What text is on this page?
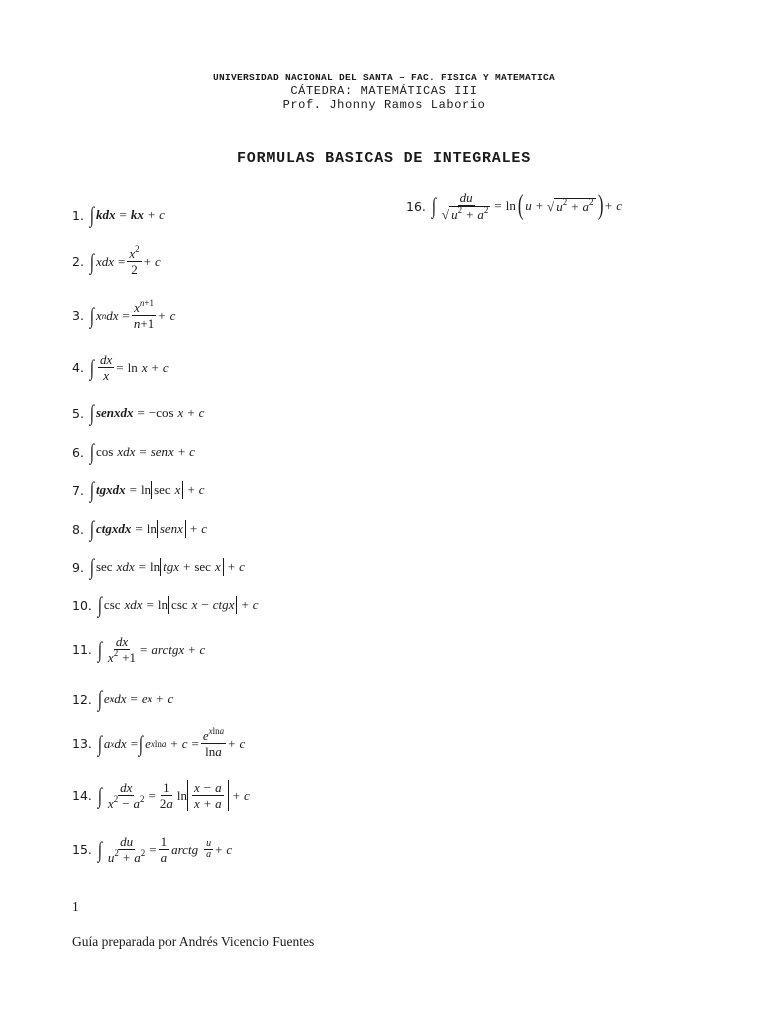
UNIVERSIDAD NACIONAL DEL SANTA – FAC. FISICA Y MATEMATICA
CÁTEDRA: MATEMÁTICAS III
Prof. Jhonny Ramos Laborio
FORMULAS BASICAS DE INTEGRALES
1. ∫ kdx = kx + c
2. ∫ xdx = $\frac{x^2}{2} + c$
3. ∫ x n dx = $\frac{x^{n+1}}{n+1} + c$
4. ∫ $\frac{dx}{x} = \ln x + c$
5. ∫ senxdx = −cos x + c
6. ∫ cos xdx = senx + c
7. ∫ tgxdx = ln sec x + c
8. ∫ ctgxdx = ln senx + c
9. ∫ sec xdx = ln tgx + sec x + c
10. ∫ csc xdx = ln csc x − ctgx + c
11. ∫ $\frac{dx}{x^2 +1}$ = arctgx + c
12. ∫ e x dx = e x + c
13. ∫ a x dx = ∫ e $xlna + c = \frac{e^{xlna}}{\ln a} + c$
14. ∫ $\frac{dx}{x^2 - a^2} = \frac{1}{2a}$ $\ln \frac{x - a}{x + a} + c$
15. ∫ $\frac{du}{u^2 + a^2} = \frac{1}{a}$ arctg $\frac{u}{a} + c$
16. ∫ $\frac{du}{√ u^2 + a^2} = \ln$ ( u + √ $u^2 + a^2$ ) + c
1
Guía preparada por Andrés Vicencio Fuentes
